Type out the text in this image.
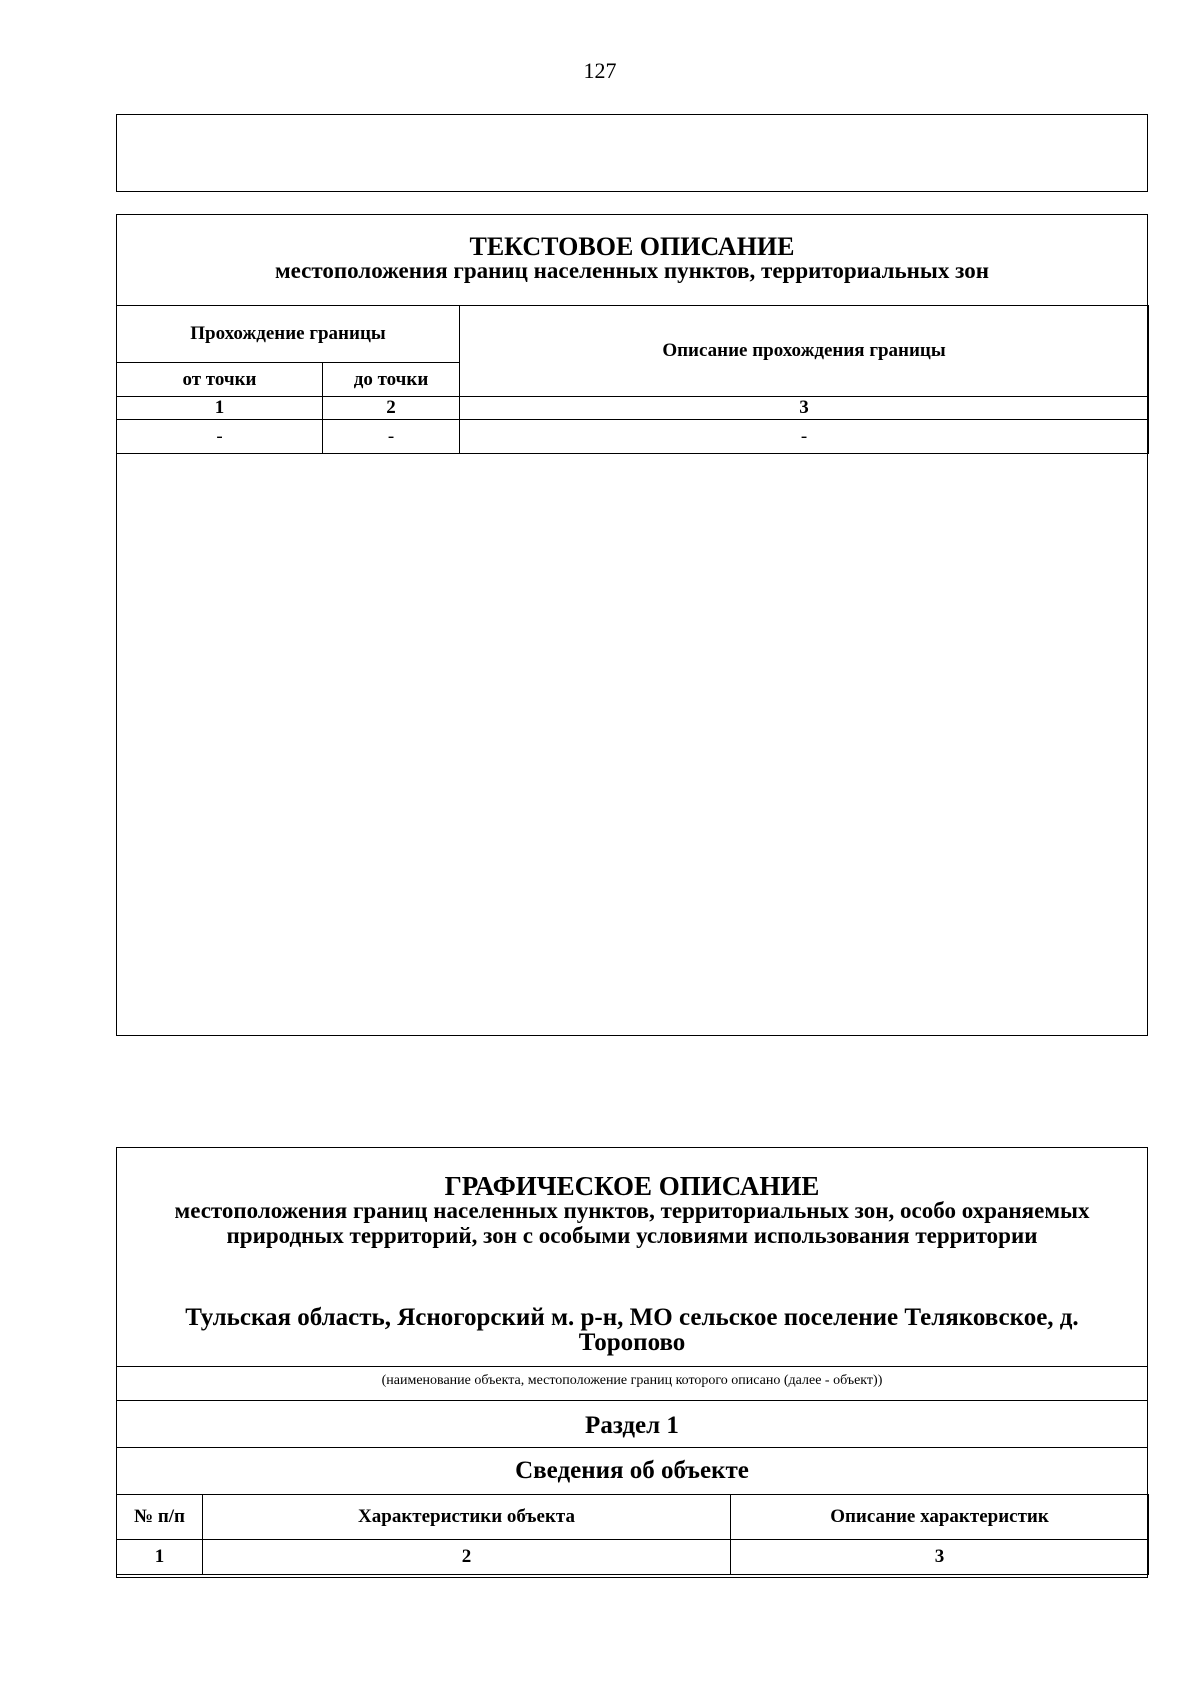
127
ТЕКСТОВОЕ ОПИСАНИЕ
местоположения границ населенных пунктов, территориальных зон
Прохождение границы		Описание прохождения границы
от точки	до точки	
1	2	3
-	-	-
ГРАФИЧЕСКОЕ ОПИСАНИЕ
местоположения границ населенных пунктов, территориальных зон, особо охраняемых природных территорий, зон с особыми условиями использования территории
Тульская область, Ясногорский м. р-н, МО сельское поселение Теляковское, д. Торопово
(наименование объекта, местоположение границ которого описано (далее - объект))
Раздел 1
Сведения об объекте
№ п/п	Характеристики объекта	Описание характеристик
1	2	3
